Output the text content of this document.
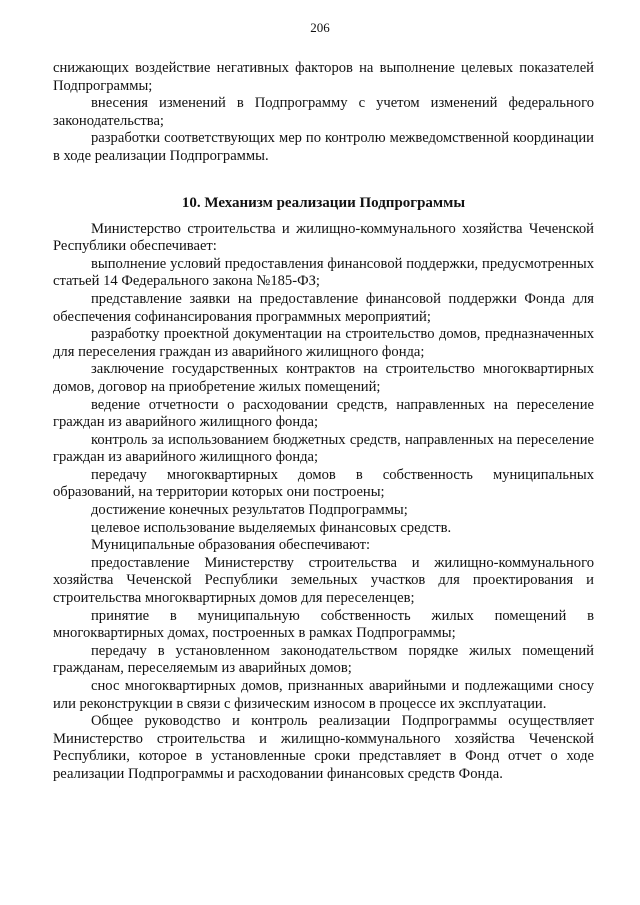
206

снижающих воздействие негативных факторов на выполнение целевых показателей Подпрограммы;

внесения изменений в Подпрограмму с учетом изменений федерального законодательства;

разработки соответствующих мер по контролю межведомственной координации в ходе реализации Подпрограммы.

10. Механизм реализации Подпрограммы

Министерство строительства и жилищно-коммунального хозяйства Чеченской Республики обеспечивает:

выполнение условий предоставления финансовой поддержки, предусмотренных статьей 14 Федерального закона №185-ФЗ;

представление заявки на предоставление финансовой поддержки Фонда для обеспечения софинансирования программных мероприятий;

разработку проектной документации на строительство домов, предназначенных для переселения граждан из аварийного жилищного фонда;

заключение государственных контрактов на строительство многоквартирных домов, договор на приобретение жилых помещений;

ведение отчетности о расходовании средств, направленных на переселение граждан из аварийного жилищного фонда;

контроль за использованием бюджетных средств, направленных на переселение граждан из аварийного жилищного фонда;

передачу многоквартирных домов в собственность муниципальных образований, на территории которых они построены;

достижение конечных результатов Подпрограммы;

целевое использование выделяемых финансовых средств.

Муниципальные образования обеспечивают:

предоставление Министерству строительства и жилищно-коммунального хозяйства Чеченской Республики земельных участков для проектирования и строительства многоквартирных домов для переселенцев;

принятие в муниципальную собственность жилых помещений в многоквартирных домах, построенных в рамках Подпрограммы;

передачу в установленном законодательством порядке жилых помещений гражданам, переселяемым из аварийных домов;

снос многоквартирных домов, признанных аварийными и подлежащими сносу или реконструкции в связи с физическим износом в процессе их эксплуатации.

Общее руководство и контроль реализации Подпрограммы осуществляет Министерство строительства и жилищно-коммунального хозяйства Чеченской Республики, которое в установленные сроки представляет в Фонд отчет о ходе реализации Подпрограммы и расходовании финансовых средств Фонда.
